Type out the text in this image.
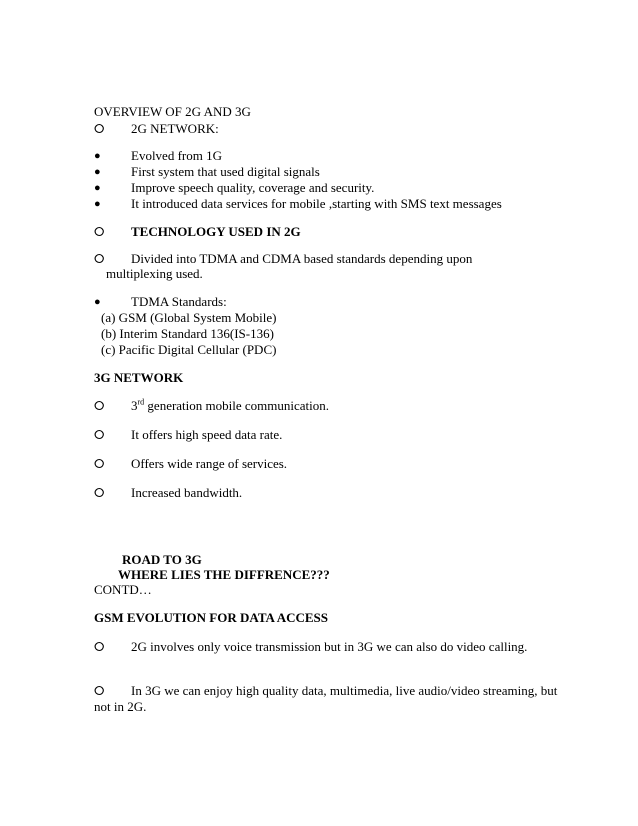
OVERVIEW OF 2G AND 3G
⭘	2G NETWORK:
●	Evolved from 1G
●	First system that used digital signals
●	Improve speech quality, coverage and security.
●	It introduced data services for mobile ,starting with SMS text messages
⭘	TECHNOLOGY USED IN 2G
⭘	Divided into TDMA and CDMA based standards depending upon
multiplexing used.
●	TDMA Standards:
(a) GSM (Global System Mobile)
(b) Interim Standard 136(IS-136)
(c) Pacific Digital Cellular (PDC)
3G NETWORK
⭘	3rd generation mobile communication.
⭘	It offers high speed data rate.
⭘	Offers wide range of services.
⭘	Increased bandwidth.
ROAD TO 3G
WHERE LIES THE DIFFRENCE???
CONTD…
GSM EVOLUTION FOR DATA ACCESS
⭘	2G involves only voice transmission but in 3G we can also do video calling.
⭘	In 3G we can enjoy high quality data, multimedia, live audio/video streaming, but
not in 2G.
